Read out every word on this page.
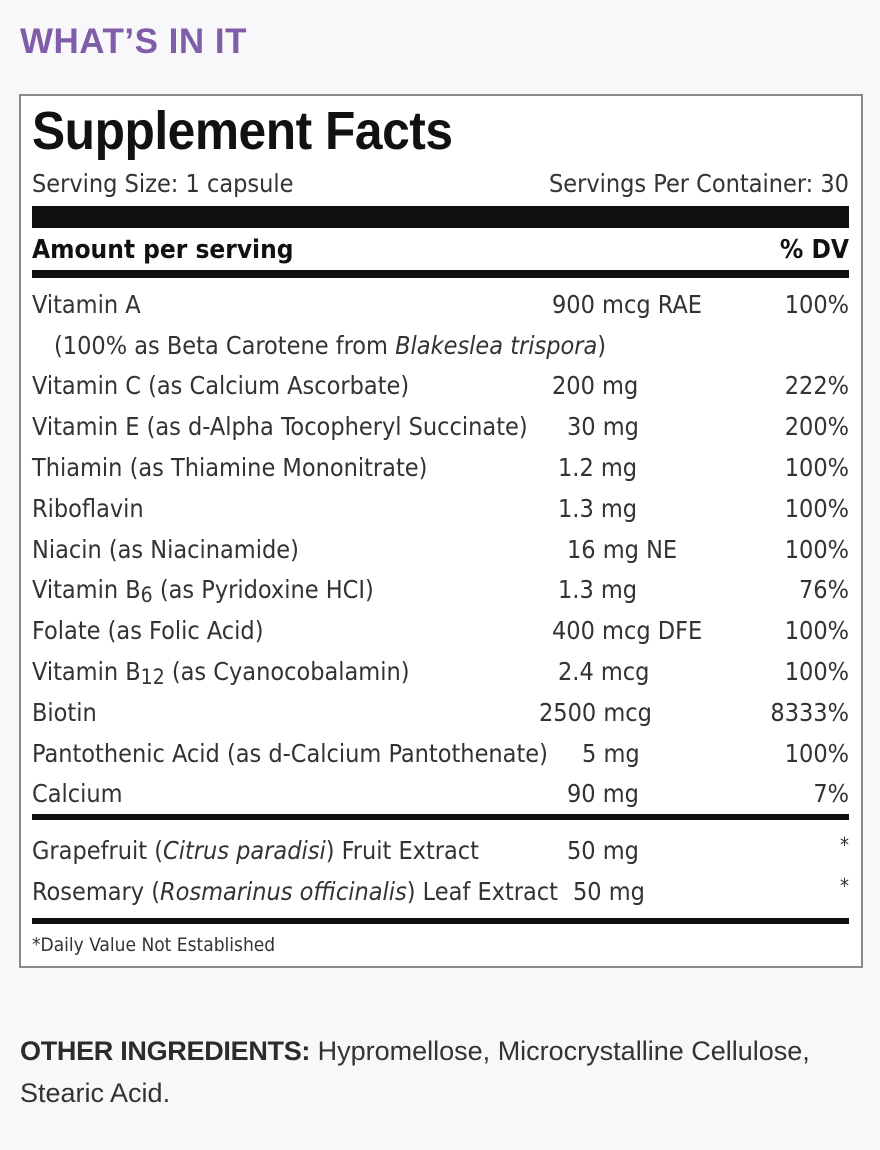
WHAT’S IN IT
Supplement Facts
Serving Size: 1 capsule	Servings Per Container: 30
Amount per serving	% DV
Vitamin A	900 mcg RAE	100%
(100% as Beta Carotene from Blakeslea trispora)
Vitamin C (as Calcium Ascorbate)	200 mg	222%
Vitamin E (as d-Alpha Tocopheryl Succinate)	30 mg	200%
Thiamin (as Thiamine Mononitrate)	1.2 mg	100%
Riboflavin	1.3 mg	100%
Niacin (as Niacinamide)	16 mg NE	100%
Vitamin B6 (as Pyridoxine HCI)	1.3 mg	76%
Folate (as Folic Acid)	400 mcg DFE	100%
Vitamin B12 (as Cyanocobalamin)	2.4 mcg	100%
Biotin	2500 mcg	8333%
Pantothenic Acid (as d-Calcium Pantothenate)	5 mg	100%
Calcium	90 mg	7%
Grapefruit (Citrus paradisi) Fruit Extract	50 mg	*
Rosemary (Rosmarinus officinalis) Leaf Extract 50 mg	*
*Daily Value Not Established
OTHER INGREDIENTS: Hypromellose, Microcrystalline Cellulose, Stearic Acid.
